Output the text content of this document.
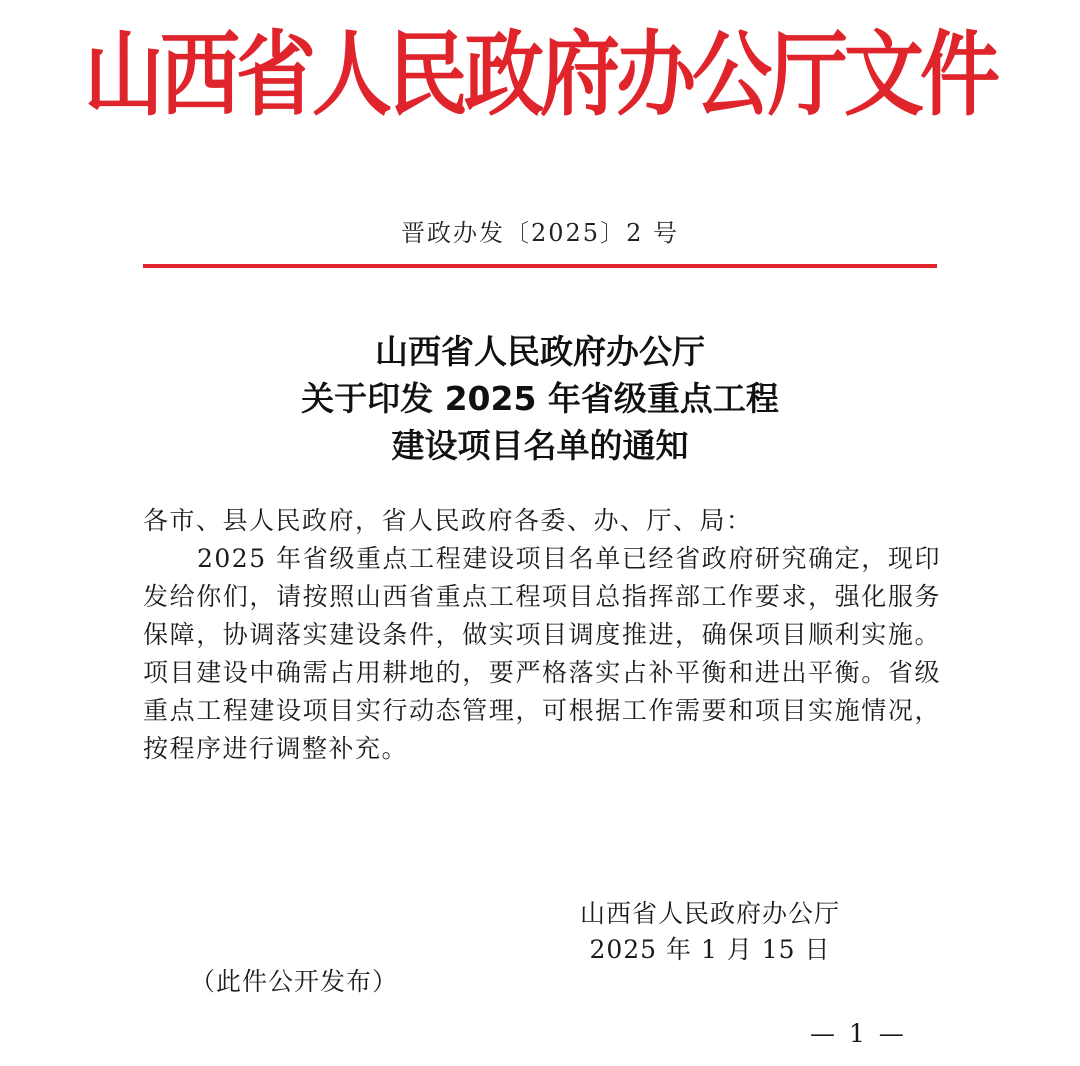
山西省人民政府办公厅文件
晋政办发〔2025〕2 号
山西省人民政府办公厅
关于印发 2025 年省级重点工程
建设项目名单的通知

各市、县人民政府，省人民政府各委、办、厅、局：

2025 年省级重点工程建设项目名单已经省政府研究确定，现印发给你们，请按照山西省重点工程项目总指挥部工作要求，强化服务保障，协调落实建设条件，做实项目调度推进，确保项目顺利实施。项目建设中确需占用耕地的，要严格落实占补平衡和进出平衡。省级重点工程建设项目实行动态管理，可根据工作需要和项目实施情况，按程序进行调整补充。

山西省人民政府办公厅
2025 年 1 月 15 日
（此件公开发布）
— 1 —
